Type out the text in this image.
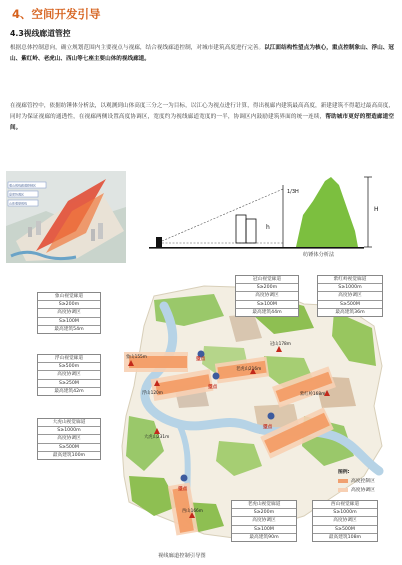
4、空间开发引导
4.3视线廊道管控
根据总体控制意向，确立规划范围内主要视点与视廊，结合视线廊道控制，对城市建筑高度进行完善。以江面结构性望点为核心，重点控制象山、浮山、冠山、紫红岭、老虎山、西山等七座主要山体的视线廊道。
在视廊管控中，依据纺锤体分析法，以观测到山体高度三分之一为目标，以江心为视点进行计算，得出视廊内建筑最高高度，新建建筑不得超过最高高度，同时为保证视廊的通透性，在视廊两侧设置高度协调区，宽度约为视线廊道宽度的一半，协调区内鼓励建筑界面的统一连续，帮助城市更好的塑造廊道空间。
观山视线廊道控制区
高度协调区
山体观望视线
h
1/3H
H
纺锤体分析法
象山155m
浮山120m
冠山178m
大虎山231m
紫红岭168m
老虎山216m
西山166m
望点
望点
望点
望点
象山视觉廊道
S≥200m
高度协调区
S≥100M
最高建筑54m
浮山视觉廊道
S≥500m
高度协调区
S≥250M
最高建筑42m
大虎山视觉廊道
S≥1000m
高度协调区
S≥500M
最高建筑100m
冠山视觉廊道
S≥200m
高度协调区
S≥100M
最高建筑44m
紫红岭视觉廊道
S≥1000m
高度协调区
S≥500M
最高建筑36m
老虎山视觉廊道
S≥200m
高度协调区
S≥100M
最高建筑90m
西山视觉廊道
S≥1000m
高度协调区
S≥500M
最高建筑108m
图例:
高度控制区
高度协调区
视线廊道控制引导图
